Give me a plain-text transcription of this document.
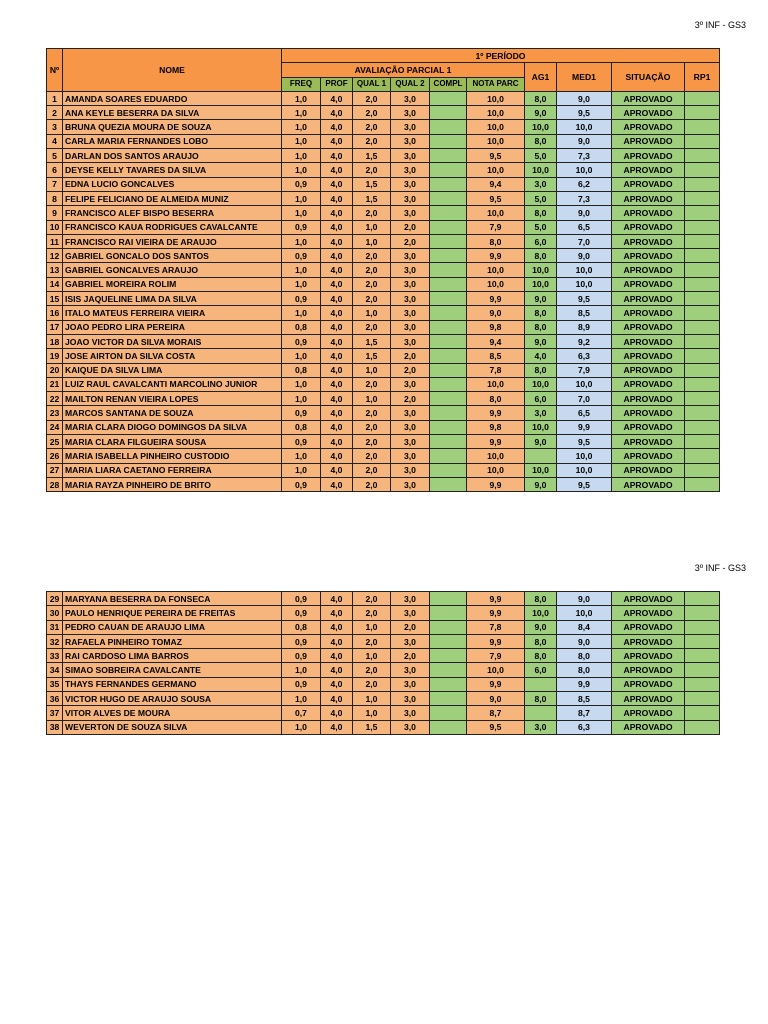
3º INF - GS3
Nº	NOME	1º PERÍODO									
		AVALIAÇÃO PARCIAL 1						AG1	MED1	SITUAÇÃO	RP1
		FREQ	PROF	QUAL 1	QUAL 2	COMPL	NOTA PARC				
1	AMANDA SOARES EDUARDO	1,0	4,0	2,0	3,0		10,0	8,0	9,0	APROVADO	
2	ANA KEYLE BESERRA DA SILVA	1,0	4,0	2,0	3,0		10,0	9,0	9,5	APROVADO	
3	BRUNA QUEZIA MOURA DE SOUZA	1,0	4,0	2,0	3,0		10,0	10,0	10,0	APROVADO	
4	CARLA MARIA FERNANDES LOBO	1,0	4,0	2,0	3,0		10,0	8,0	9,0	APROVADO	
5	DARLAN DOS SANTOS ARAUJO	1,0	4,0	1,5	3,0		9,5	5,0	7,3	APROVADO	
6	DEYSE KELLY TAVARES DA SILVA	1,0	4,0	2,0	3,0		10,0	10,0	10,0	APROVADO	
7	EDNA LUCIO GONCALVES	0,9	4,0	1,5	3,0		9,4	3,0	6,2	APROVADO	
8	FELIPE FELICIANO DE ALMEIDA MUNIZ	1,0	4,0	1,5	3,0		9,5	5,0	7,3	APROVADO	
9	FRANCISCO ALEF BISPO BESERRA	1,0	4,0	2,0	3,0		10,0	8,0	9,0	APROVADO	
10	FRANCISCO KAUA RODRIGUES CAVALCANTE	0,9	4,0	1,0	2,0		7,9	5,0	6,5	APROVADO	
11	FRANCISCO RAI VIEIRA DE ARAUJO	1,0	4,0	1,0	2,0		8,0	6,0	7,0	APROVADO	
12	GABRIEL GONCALO DOS SANTOS	0,9	4,0	2,0	3,0		9,9	8,0	9,0	APROVADO	
13	GABRIEL GONCALVES ARAUJO	1,0	4,0	2,0	3,0		10,0	10,0	10,0	APROVADO	
14	GABRIEL MOREIRA ROLIM	1,0	4,0	2,0	3,0		10,0	10,0	10,0	APROVADO	
15	ISIS JAQUELINE LIMA DA SILVA	0,9	4,0	2,0	3,0		9,9	9,0	9,5	APROVADO	
16	ITALO MATEUS FERREIRA VIEIRA	1,0	4,0	1,0	3,0		9,0	8,0	8,5	APROVADO	
17	JOAO PEDRO LIRA PEREIRA	0,8	4,0	2,0	3,0		9,8	8,0	8,9	APROVADO	
18	JOAO VICTOR DA SILVA MORAIS	0,9	4,0	1,5	3,0		9,4	9,0	9,2	APROVADO	
19	JOSE AIRTON DA SILVA COSTA	1,0	4,0	1,5	2,0		8,5	4,0	6,3	APROVADO	
20	KAIQUE DA SILVA LIMA	0,8	4,0	1,0	2,0		7,8	8,0	7,9	APROVADO	
21	LUIZ RAUL CAVALCANTI MARCOLINO JUNIOR	1,0	4,0	2,0	3,0		10,0	10,0	10,0	APROVADO	
22	MAILTON RENAN VIEIRA LOPES	1,0	4,0	1,0	2,0		8,0	6,0	7,0	APROVADO	
23	MARCOS SANTANA DE SOUZA	0,9	4,0	2,0	3,0		9,9	3,0	6,5	APROVADO	
24	MARIA CLARA DIOGO DOMINGOS DA SILVA	0,8	4,0	2,0	3,0		9,8	10,0	9,9	APROVADO	
25	MARIA CLARA FILGUEIRA SOUSA	0,9	4,0	2,0	3,0		9,9	9,0	9,5	APROVADO	
26	MARIA ISABELLA PINHEIRO CUSTODIO	1,0	4,0	2,0	3,0		10,0		10,0	APROVADO	
27	MARIA LIARA CAETANO FERREIRA	1,0	4,0	2,0	3,0		10,0	10,0	10,0	APROVADO	
28	MARIA RAYZA PINHEIRO DE BRITO	0,9	4,0	2,0	3,0		9,9	9,0	9,5	APROVADO	
3º INF - GS3
29	MARYANA BESERRA DA FONSECA	0,9	4,0	2,0	3,0		9,9	8,0	9,0	APROVADO	
30	PAULO HENRIQUE PEREIRA DE FREITAS	0,9	4,0	2,0	3,0		9,9	10,0	10,0	APROVADO	
31	PEDRO CAUAN DE ARAUJO LIMA	0,8	4,0	1,0	2,0		7,8	9,0	8,4	APROVADO	
32	RAFAELA PINHEIRO TOMAZ	0,9	4,0	2,0	3,0		9,9	8,0	9,0	APROVADO	
33	RAI CARDOSO LIMA BARROS	0,9	4,0	1,0	2,0		7,9	8,0	8,0	APROVADO	
34	SIMAO SOBREIRA CAVALCANTE	1,0	4,0	2,0	3,0		10,0	6,0	8,0	APROVADO	
35	THAYS FERNANDES GERMANO	0,9	4,0	2,0	3,0		9,9		9,9	APROVADO	
36	VICTOR HUGO DE ARAUJO SOUSA	1,0	4,0	1,0	3,0		9,0	8,0	8,5	APROVADO	
37	VITOR ALVES DE MOURA	0,7	4,0	1,0	3,0		8,7		8,7	APROVADO	
38	WEVERTON DE SOUZA SILVA	1,0	4,0	1,5	3,0		9,5	3,0	6,3	APROVADO	
